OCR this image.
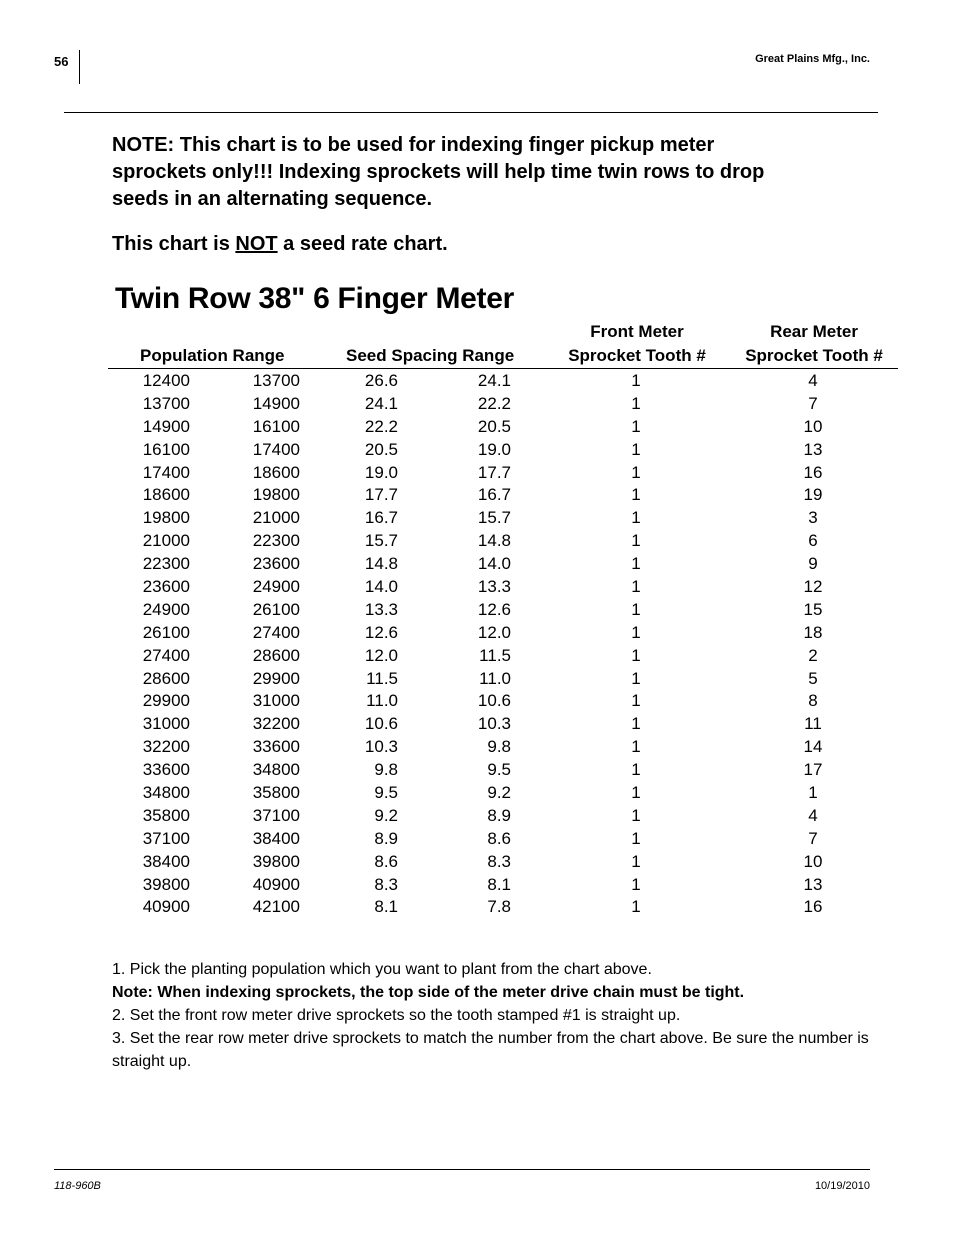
56	Great Plains Mfg., Inc.
NOTE: This chart is to be used for indexing finger pickup meter sprockets only!!! Indexing sprockets will help time twin rows to drop seeds in an alternating sequence.
This chart is NOT a seed rate chart.
Twin Row 38" 6 Finger Meter
Population Range	Seed Spacing Range
Front Meter
Sprocket Tooth #
Rear Meter
Sprocket Tooth #
12400	13700	26.6	24.1	1	4
13700	14900	24.1	22.2	1	7
14900	16100	22.2	20.5	1	10
16100	17400	20.5	19.0	1	13
17400	18600	19.0	17.7	1	16
18600	19800	17.7	16.7	1	19
19800	21000	16.7	15.7	1	3
21000	22300	15.7	14.8	1	6
22300	23600	14.8	14.0	1	9
23600	24900	14.0	13.3	1	12
24900	26100	13.3	12.6	1	15
26100	27400	12.6	12.0	1	18
27400	28600	12.0	11.5	1	2
28600	29900	11.5	11.0	1	5
29900	31000	11.0	10.6	1	8
31000	32200	10.6	10.3	1	11
32200	33600	10.3	9.8	1	14
33600	34800	9.8	9.5	1	17
34800	35800	9.5	9.2	1	1
35800	37100	9.2	8.9	1	4
37100	38400	8.9	8.6	1	7
38400	39800	8.6	8.3	1	10
39800	40900	8.3	8.1	1	13
40900	42100	8.1	7.8	1	16
1. Pick the planting population which you want to plant from the chart above.
Note: When indexing sprockets, the top side of the meter drive chain must be tight.
2. Set the front row meter drive sprockets so the tooth stamped #1 is straight up.
3. Set the rear row meter drive sprockets to match the number from the chart above. Be sure the number is straight up.
118-960B	10/19/2010
